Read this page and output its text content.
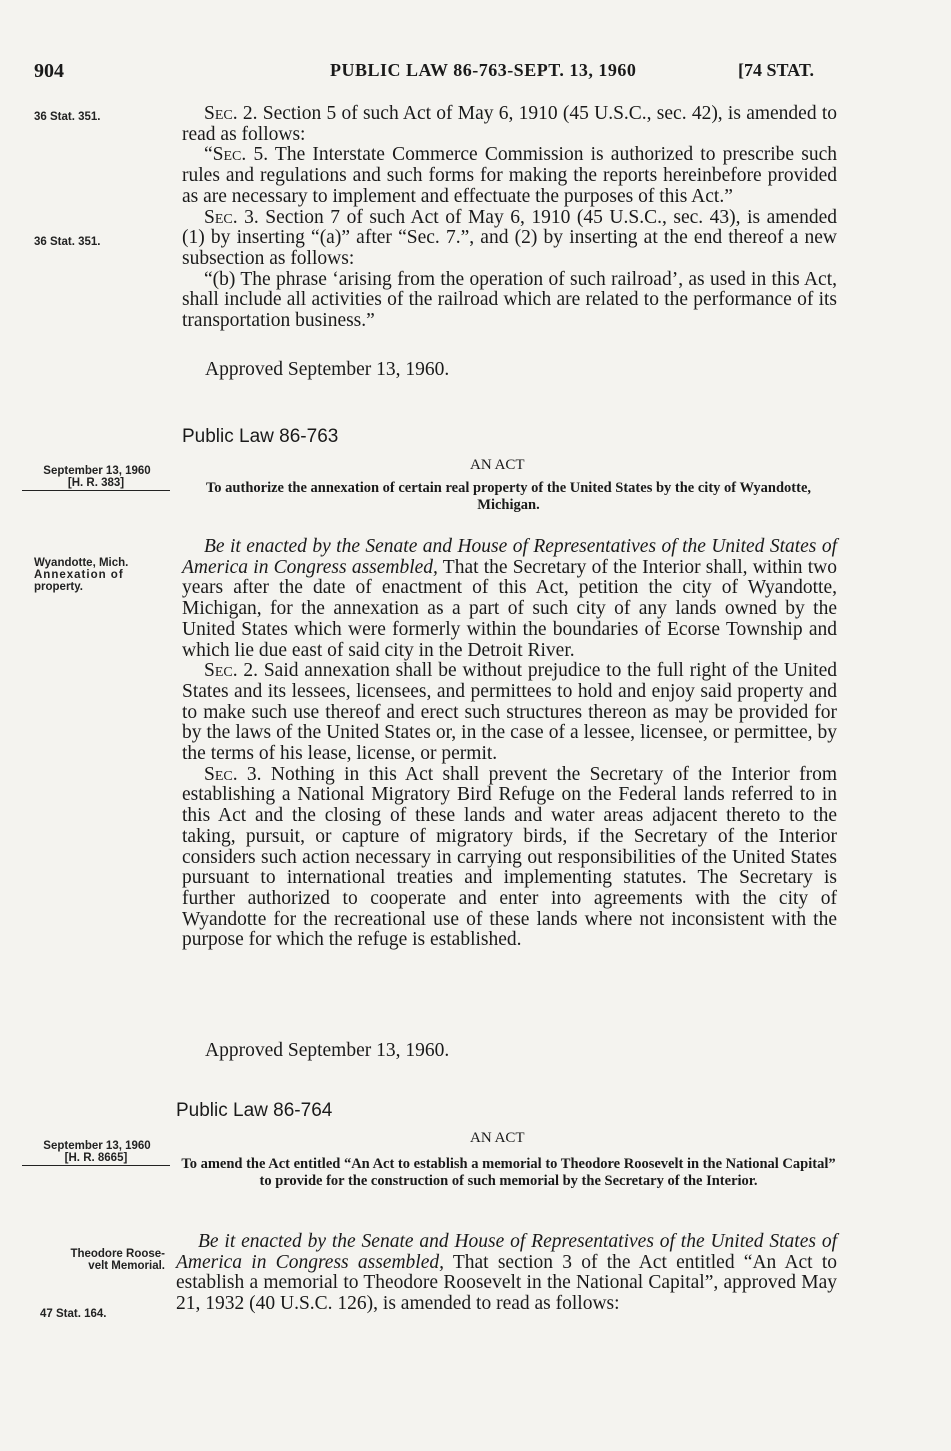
904	PUBLIC LAW 86-763-SEPT. 13, 1960	[74 STAT.
36 Stat. 351.
36 Stat. 351.
September 13, 1960
[H. R. 383]
Wyandotte, Mich.
Annexation of
property.
September 13, 1960
[H. R. 8665]
Theodore Roose-
velt Memorial.
47 Stat. 164.

Sec. 2. Section 5 of such Act of May 6, 1910 (45 U.S.C., sec. 42), is amended to read as follows:

“Sec. 5. The Interstate Commerce Commission is authorized to prescribe such rules and regulations and such forms for making the reports hereinbefore provided as are necessary to implement and effectuate the purposes of this Act.”

Sec. 3. Section 7 of such Act of May 6, 1910 (45 U.S.C., sec. 43), is amended (1) by inserting “(a)” after “Sec. 7.”, and (2) by inserting at the end thereof a new subsection as follows:

“(b) The phrase ‘arising from the operation of such railroad’, as used in this Act, shall include all activities of the railroad which are related to the performance of its transportation business.”

Approved September 13, 1960.
Public Law 86-763
AN ACT
To authorize the annexation of certain real property of the United States by the city of Wyandotte, Michigan.

Be it enacted by the Senate and House of Representatives of the United States of America in Congress assembled, That the Secretary of the Interior shall, within two years after the date of enactment of this Act, petition the city of Wyandotte, Michigan, for the annexation as a part of such city of any lands owned by the United States which were formerly within the boundaries of Ecorse Township and which lie due east of said city in the Detroit River.

Sec. 2. Said annexation shall be without prejudice to the full right of the United States and its lessees, licensees, and permittees to hold and enjoy said property and to make such use thereof and erect such structures thereon as may be provided for by the laws of the United States or, in the case of a lessee, licensee, or permittee, by the terms of his lease, license, or permit.

Sec. 3. Nothing in this Act shall prevent the Secretary of the Interior from establishing a National Migratory Bird Refuge on the Federal lands referred to in this Act and the closing of these lands and water areas adjacent thereto to the taking, pursuit, or capture of migratory birds, if the Secretary of the Interior considers such action necessary in carrying out responsibilities of the United States pursuant to international treaties and implementing statutes. The Secretary is further authorized to cooperate and enter into agreements with the city of Wyandotte for the recreational use of these lands where not inconsistent with the purpose for which the refuge is established.

Approved September 13, 1960.
Public Law 86-764
AN ACT
To amend the Act entitled “An Act to establish a memorial to Theodore Roosevelt in the National Capital” to provide for the construction of such memorial by the Secretary of the Interior.

Be it enacted by the Senate and House of Representatives of the United States of America in Congress assembled, That section 3 of the Act entitled “An Act to establish a memorial to Theodore Roosevelt in the National Capital”, approved May 21, 1932 (40 U.S.C. 126), is amended to read as follows:
